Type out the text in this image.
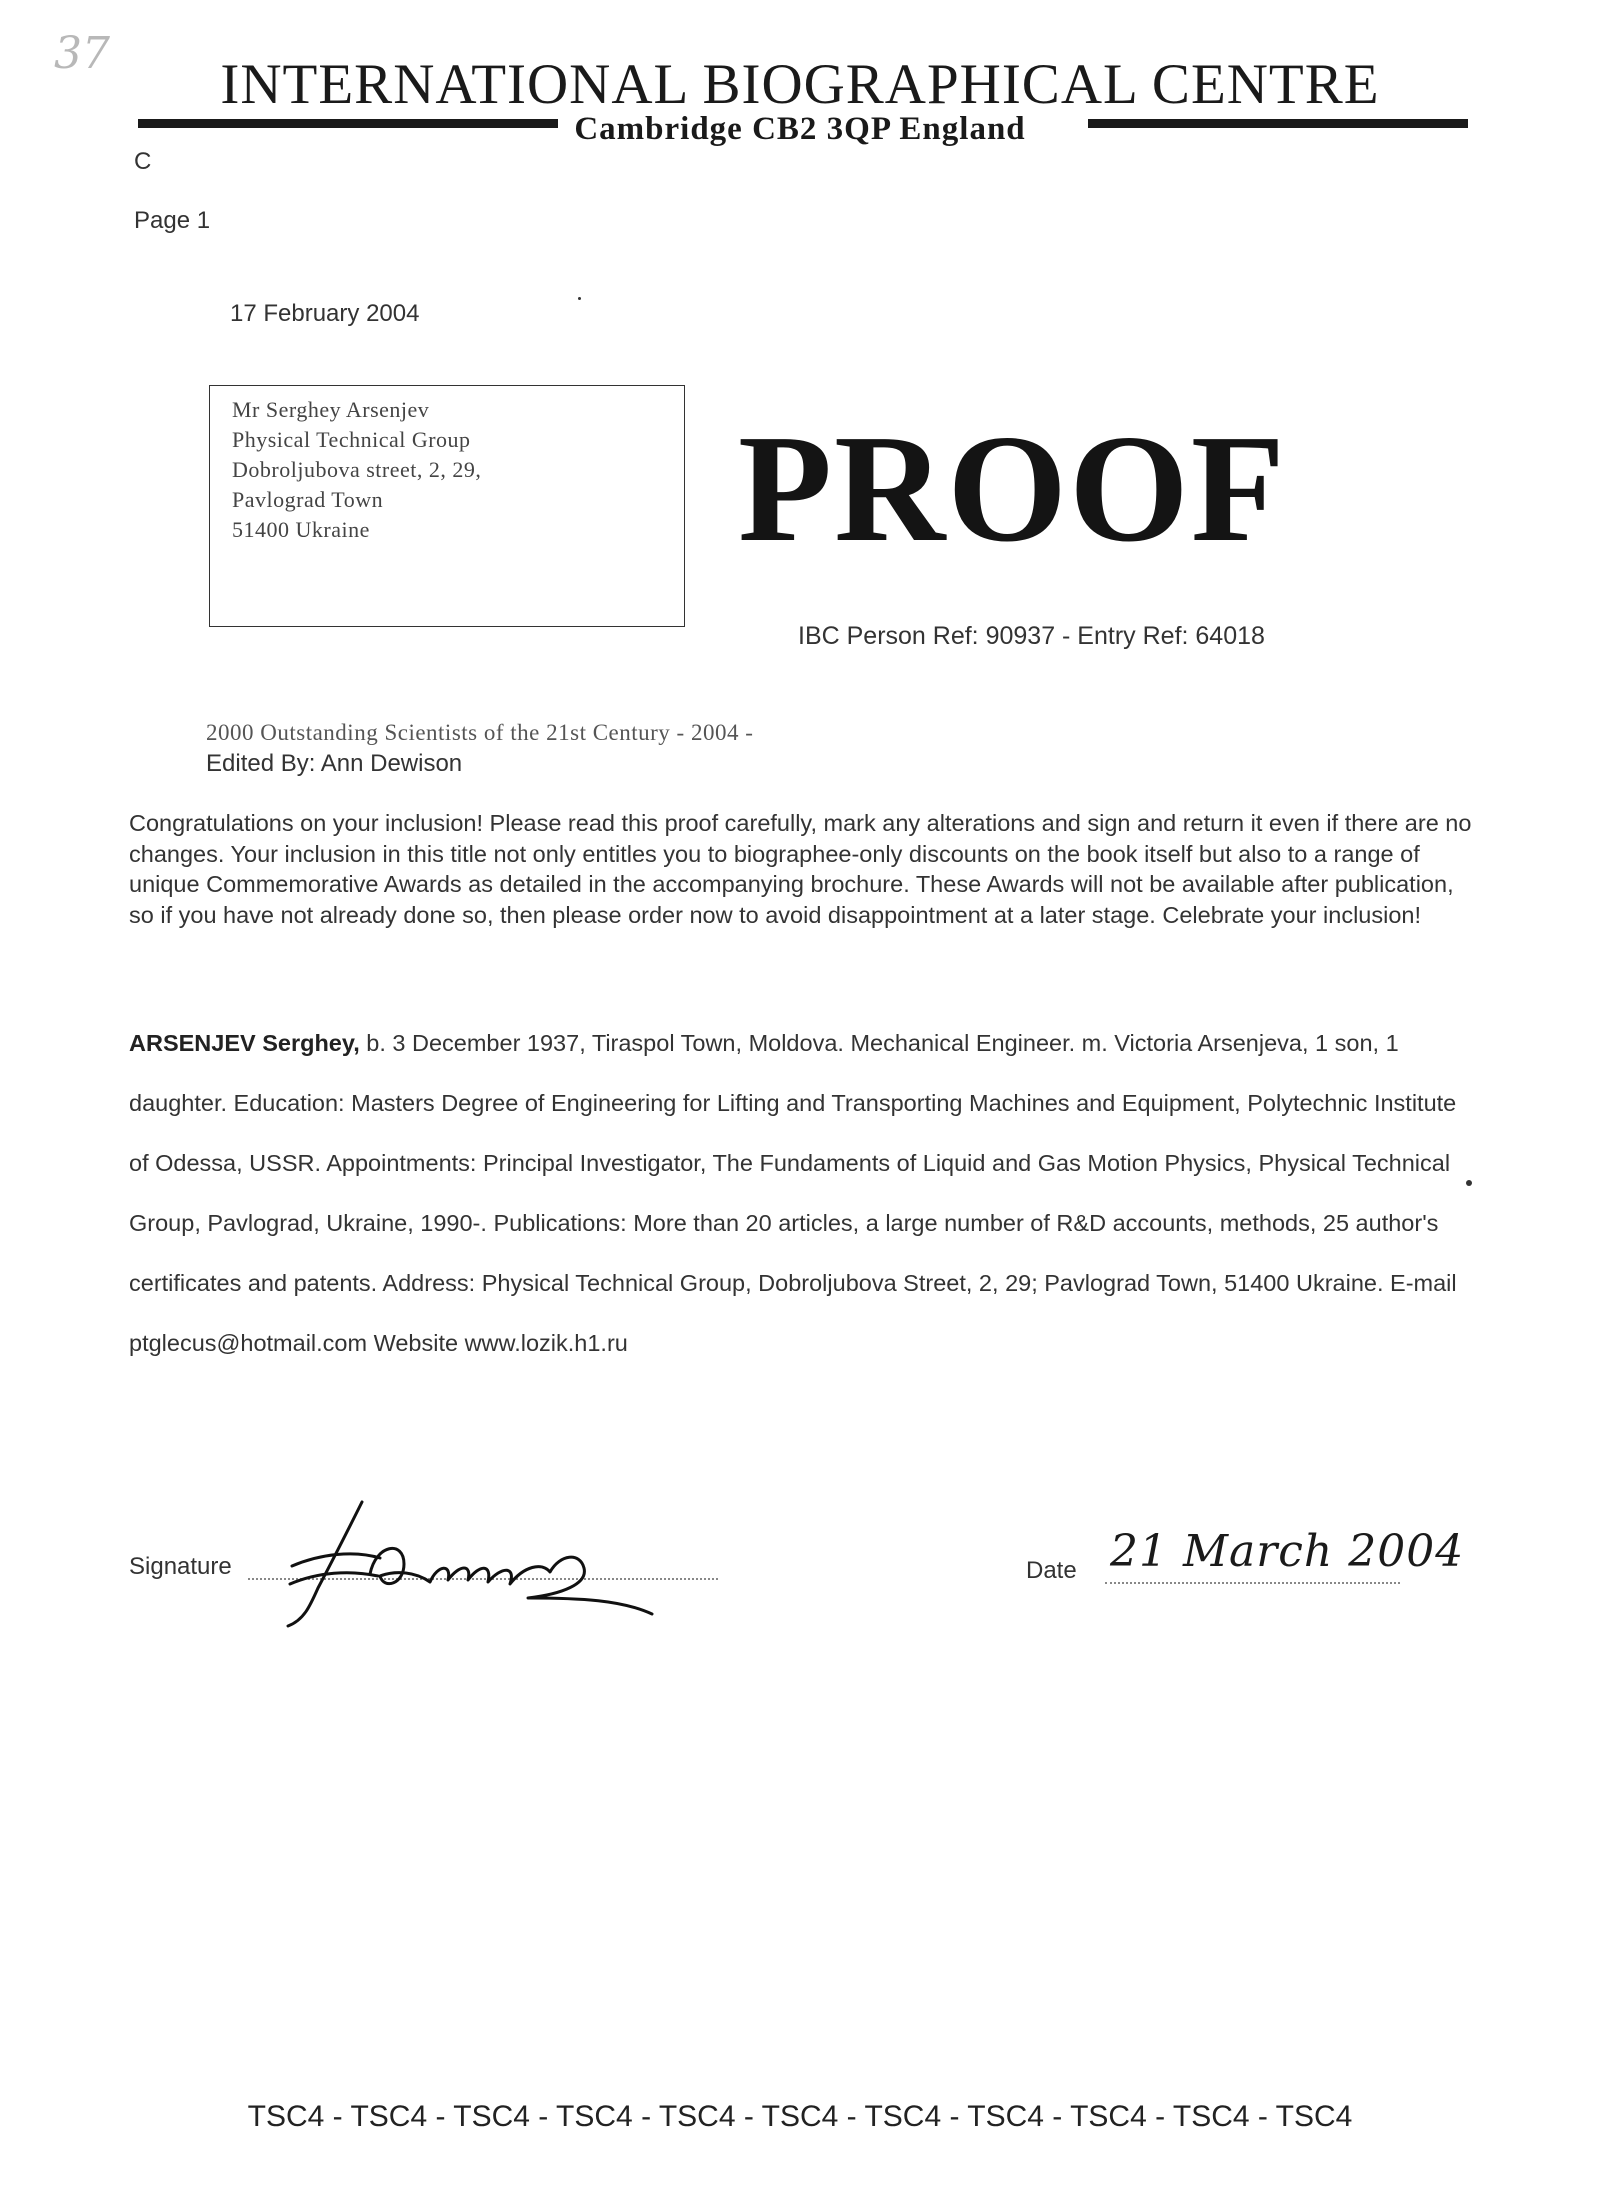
37	INTERNATIONAL BIOGRAPHICAL CENTRE
Cambridge CB2 3QP England
C
Page 1
17 February 2004
Mr Serghey Arsenjev
Physical Technical Group
Dobroljubova street, 2, 29,
Pavlograd Town
51400 Ukraine	PROOF
IBC Person Ref: 90937 - Entry Ref: 64018
2000 Outstanding Scientists of the 21st Century - 2004 -
Edited By: Ann Dewison

Congratulations on your inclusion! Please read this proof carefully, mark any alterations and sign and return it even if there are no changes. Your inclusion in this title not only entitles you to biographee-only discounts on the book itself but also to a range of unique Commemorative Awards as detailed in the accompanying brochure. These Awards will not be available after publication, so if you have not already done so, then please order now to avoid disappointment at a later stage. Celebrate your inclusion!

ARSENJEV Serghey, b. 3 December 1937, Tiraspol Town, Moldova. Mechanical Engineer. m. Victoria Arsenjeva, 1 son, 1 daughter. Education: Masters Degree of Engineering for Lifting and Transporting Machines and Equipment, Polytechnic Institute of Odessa, USSR. Appointments: Principal Investigator, The Fundaments of Liquid and Gas Motion Physics, Physical Technical Group, Pavlograd, Ukraine, 1990-. Publications: More than 20 articles, a large number of R&D accounts, methods, 25 author's certificates and patents. Address: Physical Technical Group, Dobroljubova Street, 2, 29; Pavlograd Town, 51400 Ukraine. E-mail ptglecus@hotmail.com Website www.lozik.h1.ru

Signature	Date 21 March 2004
TSC4 - TSC4 - TSC4 - TSC4 - TSC4 - TSC4 - TSC4 - TSC4 - TSC4 - TSC4 - TSC4
